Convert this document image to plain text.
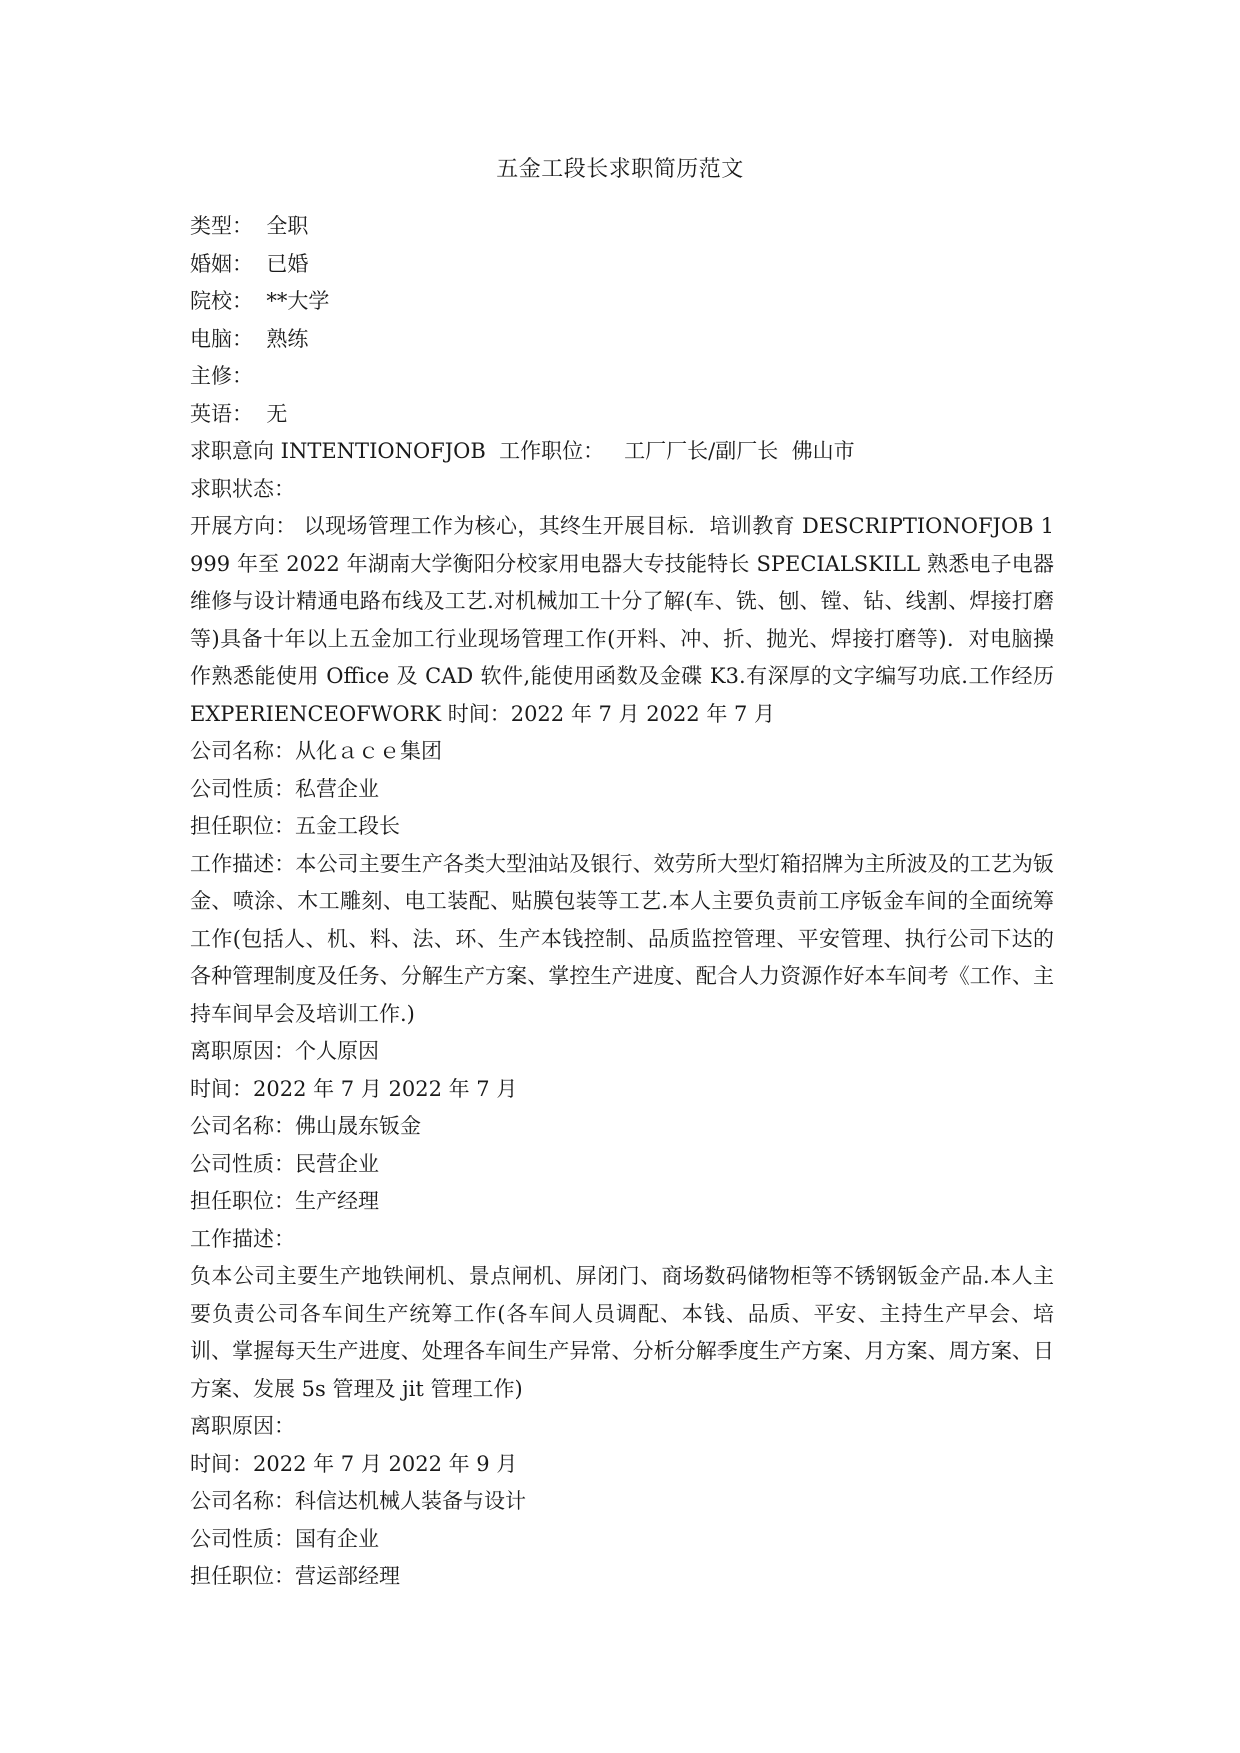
五金工段长求职简历范文

类型：  全职

婚姻：  已婚

院校：  **大学

电脑：  熟练

主修：

英语：  无

求职意向 INTENTIONOFJOB  工作职位：   工厂厂长/副厂长  佛山市

求职状态：

开展方向： 以现场管理工作为核心，其终生开展目标．培训教育 DESCRIPTIONOFJOB 1999 年至 2022 年湖南大学衡阳分校家用电器大专技能特长 SPECIALSKILL 熟悉电子电器维修与设计精通电路布线及工艺.对机械加工十分了解(车、铣、刨、镗、钻、线割、焊接打磨等)具备十年以上五金加工行业现场管理工作(开料、冲、折、抛光、焊接打磨等)．对电脑操作熟悉能使用 Office 及 CAD 软件,能使用函数及金碟 K3.有深厚的文字编写功底.工作经历 EXPERIENCEOFWORK 时间：2022 年 7 月 2022 年 7 月

公司名称：从化ａｃｅ集团

公司性质：私营企业

担任职位：五金工段长

工作描述：本公司主要生产各类大型油站及银行、效劳所大型灯箱招牌为主所波及的工艺为钣金、喷涂、木工雕刻、电工装配、贴膜包装等工艺.本人主要负责前工序钣金车间的全面统筹工作(包括人、机、料、法、环、生产本钱控制、品质监控管理、平安管理、执行公司下达的各种管理制度及任务、分解生产方案、掌控生产进度、配合人力资源作好本车间考《工作、主持车间早会及培训工作.)

离职原因：个人原因

时间：2022 年 7 月 2022 年 7 月

公司名称：佛山晟东钣金

公司性质：民营企业

担任职位：生产经理

工作描述：

负本公司主要生产地铁闸机、景点闸机、屏闭门、商场数码储物柜等不锈钢钣金产品.本人主要负责公司各车间生产统筹工作(各车间人员调配、本钱、品质、平安、主持生产早会、培训、掌握每天生产进度、处理各车间生产异常、分析分解季度生产方案、月方案、周方案、日方案、发展 5s 管理及 jit 管理工作)

离职原因：

时间：2022 年 7 月 2022 年 9 月

公司名称：科信达机械人装备与设计

公司性质：国有企业

担任职位：营运部经理
